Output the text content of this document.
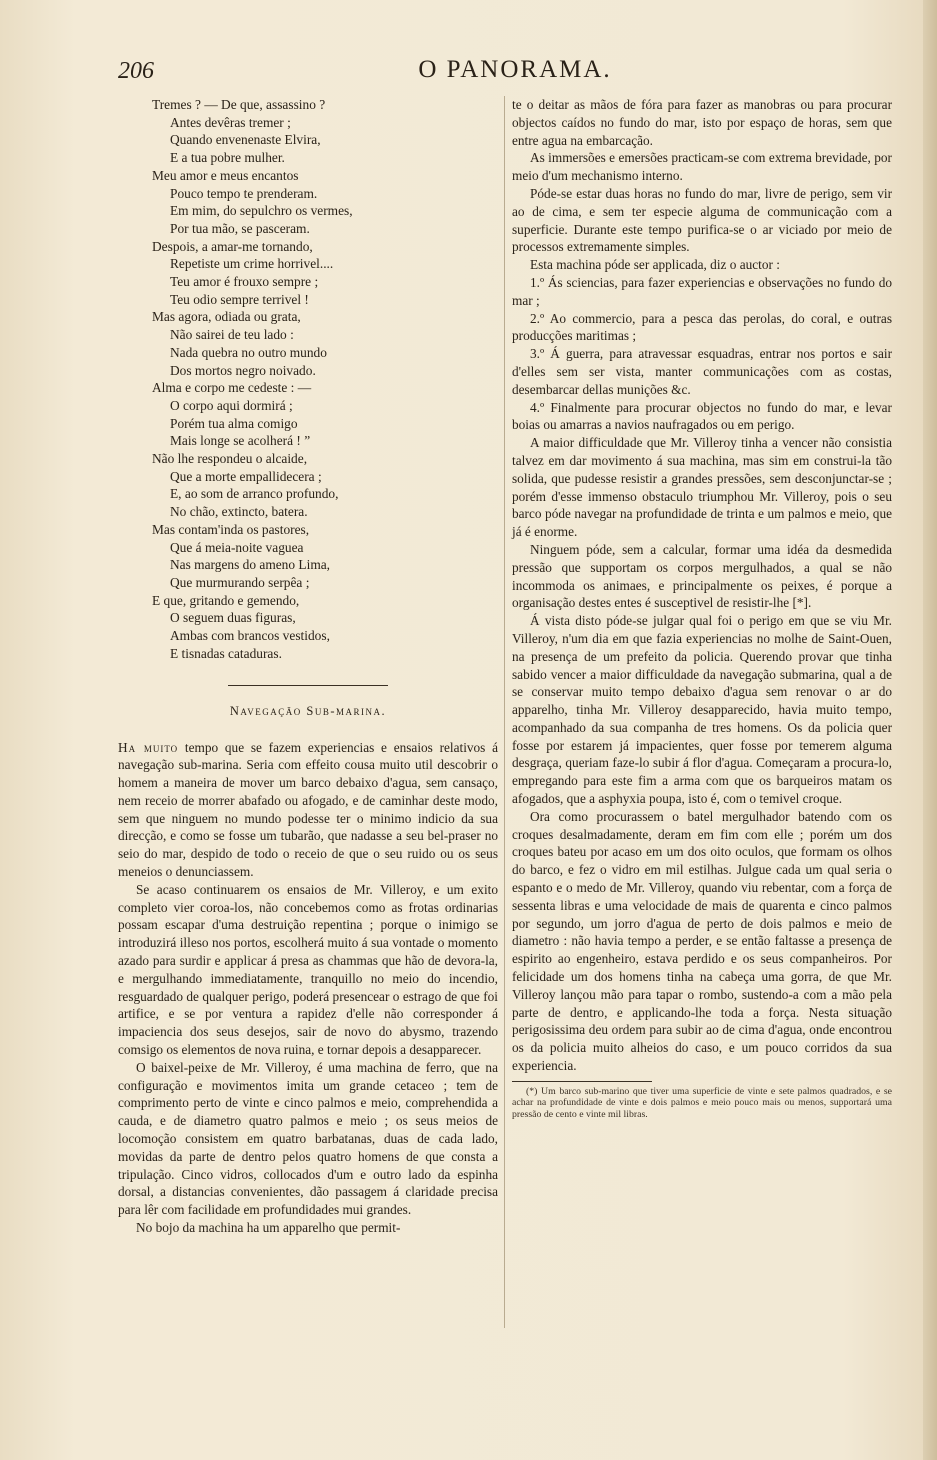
206	O PANORAMA.
Tremes ? — De que, assassino ?
Antes devêras tremer ;
Quando envenenaste Elvira,
E a tua pobre mulher.
Meu amor e meus encantos
Pouco tempo te prenderam.
Em mim, do sepulchro os vermes,
Por tua mão, se pasceram.
Despois, a amar-me tornando,
Repetiste um crime horrivel....
Teu amor é frouxo sempre ;
Teu odio sempre terrivel !
Mas agora, odiada ou grata,
Não sairei de teu lado :
Nada quebra no outro mundo
Dos mortos negro noivado.
Alma e corpo me cedeste : —
O corpo aqui dormirá ;
Porém tua alma comigo
Mais longe se acolherá ! ”
Não lhe respondeu o alcaide,
Que a morte empallidecera ;
E, ao som de arranco profundo,
No chão, extincto, batera.
Mas contam'inda os pastores,
Que á meia-noite vaguea
Nas margens do ameno Lima,
Que murmurando serpêa ;
E que, gritando e gemendo,
O seguem duas figuras,
Ambas com brancos vestidos,
E tisnadas cataduras.
Navegação Sub-marina.

Ha muito tempo que se fazem experiencias e ensaios relativos á navegação sub-marina. Seria com effeito cousa muito util descobrir o homem a maneira de mover um barco debaixo d'agua, sem cansaço, nem receio de morrer abafado ou afogado, e de caminhar deste modo, sem que ninguem no mundo podesse ter o minimo indicio da sua direcção, e como se fosse um tubarão, que nadasse a seu bel-praser no seio do mar, despido de todo o receio de que o seu ruido ou os seus meneios o denunciassem.

Se acaso continuarem os ensaios de Mr. Villeroy, e um exito completo vier coroa-los, não concebemos como as frotas ordinarias possam escapar d'uma destruição repentina ; porque o inimigo se introduzirá illeso nos portos, escolherá muito á sua vontade o momento azado para surdir e applicar á presa as chammas que hão de devora-la, e mergulhando immediatamente, tranquillo no meio do incendio, resguardado de qualquer perigo, poderá presencear o estrago de que foi artifice, e se por ventura a rapidez d'elle não corresponder á impaciencia dos seus desejos, sair de novo do abysmo, trazendo comsigo os elementos de nova ruina, e tornar depois a desapparecer.

O baixel-peixe de Mr. Villeroy, é uma machina de ferro, que na configuração e movimentos imita um grande cetaceo ; tem de comprimento perto de vinte e cinco palmos e meio, comprehendida a cauda, e de diametro quatro palmos e meio ; os seus meios de locomoção consistem em quatro barbatanas, duas de cada lado, movidas da parte de dentro pelos quatro homens de que consta a tripulação. Cinco vidros, collocados d'um e outro lado da espinha dorsal, a distancias convenientes, dão passagem á claridade precisa para lêr com facilidade em profundidades mui grandes.

No bojo da machina ha um apparelho que permit-

te o deitar as mãos de fóra para fazer as manobras ou para procurar objectos caídos no fundo do mar, isto por espaço de horas, sem que entre agua na embarcação.

As immersões e emersões practicam-se com extrema brevidade, por meio d'um mechanismo interno.

Póde-se estar duas horas no fundo do mar, livre de perigo, sem vir ao de cima, e sem ter especie alguma de communicação com a superficie. Durante este tempo purifica-se o ar viciado por meio de processos extremamente simples.

Esta machina póde ser applicada, diz o auctor :

1.º Ás sciencias, para fazer experiencias e observações no fundo do mar ;

2.º Ao commercio, para a pesca das perolas, do coral, e outras producções maritimas ;

3.º Á guerra, para atravessar esquadras, entrar nos portos e sair d'elles sem ser vista, manter communicações com as costas, desembarcar dellas munições &c.

4.º Finalmente para procurar objectos no fundo do mar, e levar boias ou amarras a navios naufragados ou em perigo.

A maior difficuldade que Mr. Villeroy tinha a vencer não consistia talvez em dar movimento á sua machina, mas sim em construi-la tão solida, que pudesse resistir a grandes pressões, sem desconjunctar-se ; porém d'esse immenso obstaculo triumphou Mr. Villeroy, pois o seu barco póde navegar na profundidade de trinta e um palmos e meio, que já é enorme.

Ninguem póde, sem a calcular, formar uma idéa da desmedida pressão que supportam os corpos mergulhados, a qual se não incommoda os animaes, e principalmente os peixes, é porque a organisação destes entes é susceptivel de resistir-lhe [*].

Á vista disto póde-se julgar qual foi o perigo em que se viu Mr. Villeroy, n'um dia em que fazia experiencias no molhe de Saint-Ouen, na presença de um prefeito da policia. Querendo provar que tinha sabido vencer a maior difficuldade da navegação submarina, qual a de se conservar muito tempo debaixo d'agua sem renovar o ar do apparelho, tinha Mr. Villeroy desapparecido, havia muito tempo, acompanhado da sua companha de tres homens. Os da policia quer fosse por estarem já impacientes, quer fosse por temerem alguma desgraça, queriam faze-lo subir á flor d'agua. Começaram a procura-lo, empregando para este fim a arma com que os barqueiros matam os afogados, que a asphyxia poupa, isto é, com o temivel croque.

Ora como procurassem o batel mergulhador batendo com os croques desalmadamente, deram em fim com elle ; porém um dos croques bateu por acaso em um dos oito oculos, que formam os olhos do barco, e fez o vidro em mil estilhas. Julgue cada um qual seria o espanto e o medo de Mr. Villeroy, quando viu rebentar, com a força de sessenta libras e uma velocidade de mais de quarenta e cinco palmos por segundo, um jorro d'agua de perto de dois palmos e meio de diametro : não havia tempo a perder, e se então faltasse a presença de espirito ao engenheiro, estava perdido e os seus companheiros. Por felicidade um dos homens tinha na cabeça uma gorra, de que Mr. Villeroy lançou mão para tapar o rombo, sustendo-a com a mão pela parte de dentro, e applicando-lhe toda a força. Nesta situação perigosissima deu ordem para subir ao de cima d'agua, onde encontrou os da policia muito alheios do caso, e um pouco corridos da sua experiencia.

(*) Um barco sub-marino que tiver uma superficie de vinte e sete palmos quadrados, e se achar na profundidade de vinte e dois palmos e meio pouco mais ou menos, supportará uma pressão de cento e vinte mil libras.
